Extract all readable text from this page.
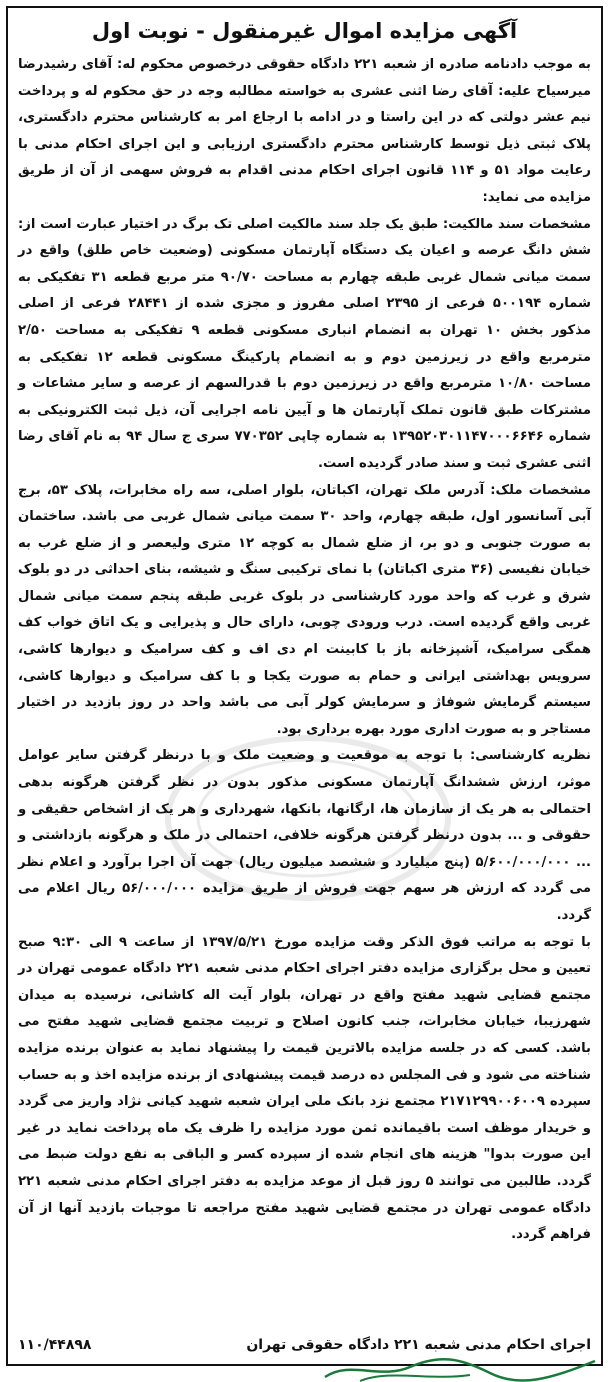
آگهی مزایده اموال غیرمنقول - نوبت اول

به موجب دادنامه صادره از شعبه ۲۲۱ دادگاه حقوقی درخصوص محکوم له: آقای رشیدرضا میرسیاح علیه: آقای رضا اثنی عشری به خواسته مطالبه وجه در حق محکوم له و پرداخت نیم عشر دولتی که در این راستا و در ادامه با ارجاع امر به کارشناس محترم دادگستری، پلاک ثبتی ذیل توسط کارشناس محترم دادگستری ارزیابی و این اجرای احکام مدنی با رعایت مواد ۵۱ و ۱۱۴ قانون اجرای احکام مدنی اقدام به فروش سهمی از آن از طریق مزایده می نماید:

مشخصات سند مالکیت: طبق یک جلد سند مالکیت اصلی تک برگ در اختیار عبارت است از: شش دانگ عرصه و اعیان یک دستگاه آپارتمان مسکونی (وضعیت خاص طلق) واقع در سمت میانی شمال غربی طبقه چهارم به مساحت ۹۰/۷۰ متر مربع قطعه ۳۱ تفکیکی به شماره ۵۰۰۱۹۴ فرعی از ۲۳۹۵ اصلی مفروز و مجزی شده از ۲۸۴۴۱ فرعی از اصلی مذکور بخش ۱۰ تهران به انضمام انباری مسکونی قطعه ۹ تفکیکی به مساحت ۲/۵۰ مترمربع واقع در زیرزمین دوم و به انضمام پارکینگ مسکونی قطعه ۱۲ تفکیکی به مساحت ۱۰/۸۰ مترمربع واقع در زیرزمین دوم با قدرالسهم از عرصه و سایر مشاعات و مشترکات طبق قانون تملک آپارتمان ها و آیین نامه اجرایی آن، ذیل ثبت الکترونیکی به شماره ۱۳۹۵۲۰۳۰۱۱۴۷۰۰۰۶۶۴۶ به شماره چاپی ۷۷۰۳۵۲ سری ج سال ۹۴ به نام آقای رضا اثنی عشری ثبت و سند صادر گردیده است.

مشخصات ملک: آدرس ملک تهران، اکباتان، بلوار اصلی، سه راه مخابرات، پلاک ۵۳، برج آبی آسانسور اول، طبقه چهارم، واحد ۳۰ سمت میانی شمال غربی می باشد. ساختمان به صورت جنوبی و دو بر، از ضلع شمال به کوچه ۱۲ متری ولیعصر و از ضلع غرب به خیابان نفیسی (۳۶ متری اکباتان) با نمای ترکیبی سنگ و شیشه، بنای احداثی در دو بلوک شرق و غرب که واحد مورد کارشناسی در بلوک غربی طبقه پنجم سمت میانی شمال غربی واقع گردیده است. درب ورودی چوبی، دارای حال و پذیرایی و یک اتاق خواب کف همگی سرامیک، آشپزخانه باز با کابینت ام دی اف و کف سرامیک و دیوارها کاشی، سرویس بهداشتی ایرانی و حمام به صورت یکجا و با کف سرامیک و دیوارها کاشی، سیستم گرمایش شوفاژ و سرمایش کولر آبی می باشد واحد در روز بازدید در اختیار مستاجر و به صورت اداری مورد بهره برداری بود.

نظریه کارشناسی: با توجه به موقعیت و وضعیت ملک و با درنظر گرفتن سایر عوامل موثر، ارزش ششدانگ آپارتمان مسکونی مذکور بدون در نظر گرفتن هرگونه بدهی احتمالی به هر یک از سازمان ها، ارگانها، بانکها، شهرداری و هر یک از اشخاص حقیقی و حقوقی و ... بدون درنظر گرفتن هرگونه خلافی، احتمالی در ملک و هرگونه بازداشتی و ... ۵/۶۰۰/۰۰۰/۰۰۰ (پنج میلیارد و ششصد میلیون ریال) جهت آن اجرا برآورد و اعلام نظر می گردد که ارزش هر سهم جهت فروش از طریق مزایده ۵۶/۰۰۰/۰۰۰ ریال اعلام می گردد.

با توجه به مراتب فوق الذکر وقت مزایده مورخ ۱۳۹۷/۵/۲۱ از ساعت ۹ الی ۹:۳۰ صبح تعیین و محل برگزاری مزایده دفتر اجرای احکام مدنی شعبه ۲۲۱ دادگاه عمومی تهران در مجتمع قضایی شهید مفتح واقع در تهران، بلوار آیت اله کاشانی، نرسیده به میدان شهرزیبا، خیابان مخابرات، جنب کانون اصلاح و تربیت مجتمع قضایی شهید مفتح می باشد. کسی که در جلسه مزایده بالاترین قیمت را پیشنهاد نماید به عنوان برنده مزایده شناخته می شود و فی المجلس ده درصد قیمت پیشنهادی از برنده مزایده اخذ و به حساب سپرده ۲۱۷۱۲۹۹۰۰۶۰۰۹ مجتمع نزد بانک ملی ایران شعبه شهید کیانی نژاد واریز می گردد و خریدار موظف است باقیمانده ثمن مورد مزایده را ظرف یک ماه پرداخت نماید در غیر این صورت بدوا" هزینه های انجام شده از سپرده کسر و الباقی به نفع دولت ضبط می گردد. طالبین می توانند ۵ روز قبل از موعد مزایده به دفتر اجرای احکام مدنی شعبه ۲۲۱ دادگاه عمومی تهران در مجتمع قضایی شهید مفتح مراجعه تا موجبات بازدید آنها از آن فراهم گردد.

اجرای احکام مدنی شعبه ۲۲۱ دادگاه حقوقی تهران
۱۱۰/۴۴۸۹۸
